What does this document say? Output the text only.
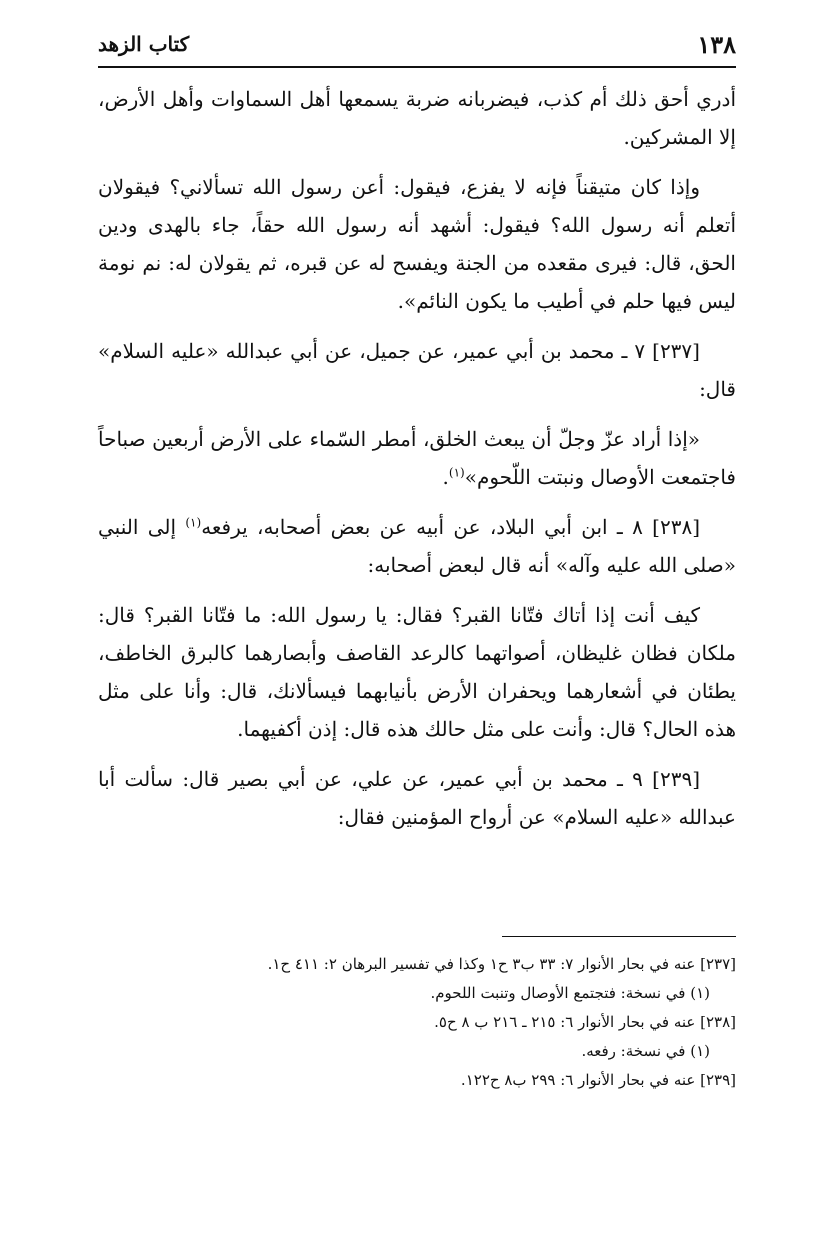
١٣٨
كتاب الزهد

أدري أحق ذلك أم كذب، فيضربانه ضربة يسمعها أهل السماوات وأهل الأرض، إلا المشركين.

وإذا كان متيقناً فإنه لا يفزع، فيقول: أعن رسول الله تسألاني؟ فيقولان أتعلم أنه رسول الله؟ فيقول: أشهد أنه رسول الله حقاً، جاء بالهدى ودين الحق، قال: فيرى مقعده من الجنة ويفسح له عن قبره، ثم يقولان له: نم نومة ليس فيها حلم في أطيب ما يكون النائم».

[٢٣٧] ٧ ـ محمد بن أبي عمير، عن جميل، عن أبي عبدالله «عليه السلام» قال:

«إذا أراد عزّ وجلّ أن يبعث الخلق، أمطر السّماء على الأرض أربعين صباحاً فاجتمعت الأوصال ونبتت اللّحوم»$^{(١)}$.

[٢٣٨] ٨ ـ ابن أبي البلاد، عن أبيه عن بعض أصحابه، يرفعه$^{(١)}$ إلى النبي «صلى الله عليه وآله» أنه قال لبعض أصحابه:

كيف أنت إذا أتاك فتّانا القبر؟ فقال: يا رسول الله: ما فتّانا القبر؟ قال: ملكان فظان غليظان، أصواتهما كالرعد القاصف وأبصارهما كالبرق الخاطف، يطئان في أشعارهما ويحفران الأرض بأنيابهما فيسألانك، قال: وأنا على مثل هذه الحال؟ قال: وأنت على مثل حالك هذه قال: إذن أكفيهما.

[٢٣٩] ٩ ـ محمد بن أبي عمير، عن علي، عن أبي بصير قال: سألت أبا عبدالله «عليه السلام» عن أرواح المؤمنين فقال:

[٢٣٧] عنه في بحار الأنوار ٧: ٣٣ ب٣ ح١ وكذا في تفسير البرهان ٢: ٤١١ ح١.

(١) في نسخة: فتجتمع الأوصال وتنبت اللحوم.

[٢٣٨] عنه في بحار الأنوار ٦: ٢١٥ ـ ٢١٦ ب ٨ ح٥.

(١) في نسخة: رفعه.

[٢٣٩] عنه في بحار الأنوار ٦: ٢٩٩ ب٨ ح١٢٢.
